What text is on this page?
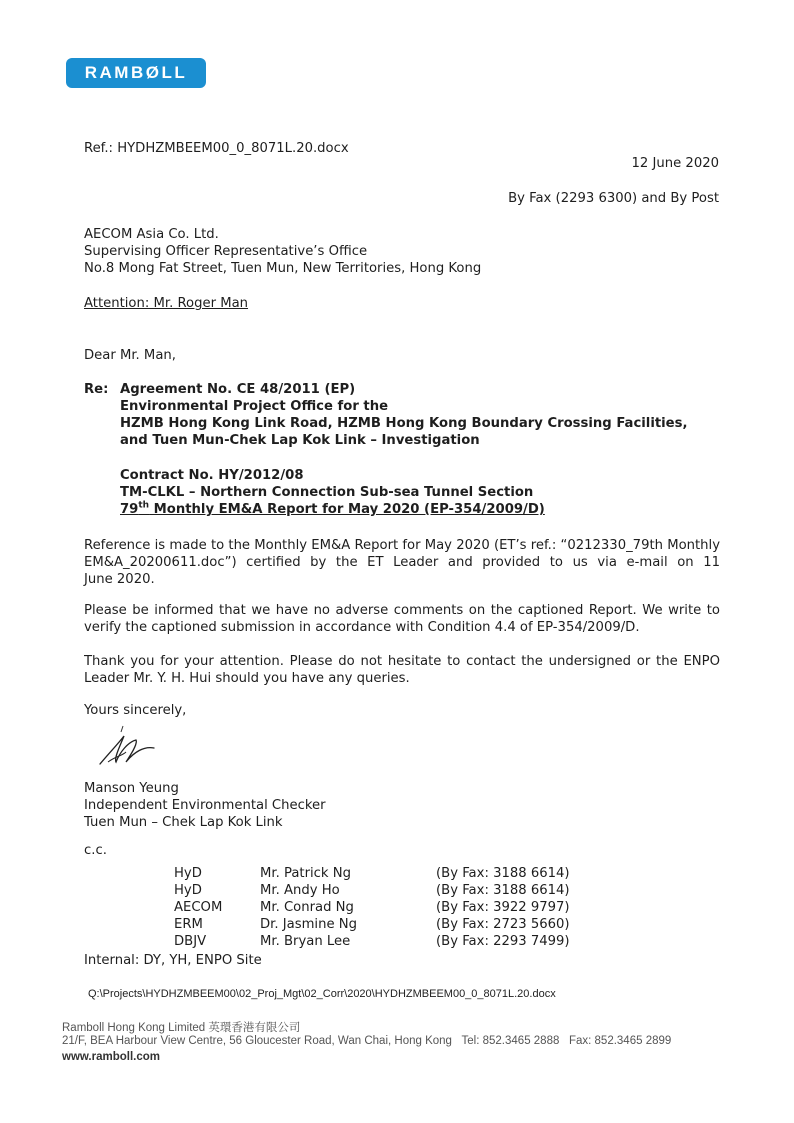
RAMBØLL
Ref.: HYDHZMBEEM00_0_8071L.20.docx
12 June 2020
By Fax (2293 6300) and By Post
AECOM Asia Co. Ltd.
Supervising Officer Representative’s Office
No.8 Mong Fat Street, Tuen Mun, New Territories, Hong Kong
Attention: Mr. Roger Man
Dear Mr. Man,
Re: Agreement No. CE 48/2011 (EP)
Environmental Project Office for the
HZMB Hong Kong Link Road, HZMB Hong Kong Boundary Crossing Facilities,
and Tuen Mun-Chek Lap Kok Link – Investigation
Contract No. HY/2012/08
TM-CLKL – Northern Connection Sub-sea Tunnel Section
79th Monthly EM&A Report for May 2020 (EP-354/2009/D)
Reference is made to the Monthly EM&A Report for May 2020 (ET’s ref.: “0212330_79th Monthly EM&A_20200611.doc”) certified by the ET Leader and provided to us via e-mail on 11
June 2020.
Please be informed that we have no adverse comments on the captioned Report. We write to
verify the captioned submission in accordance with Condition 4.4 of EP-354/2009/D.
Thank you for your attention. Please do not hesitate to contact the undersigned or the ENPO
Leader Mr. Y. H. Hui should you have any queries.
Yours sincerely,
Manson Yeung
Independent Environmental Checker
Tuen Mun – Chek Lap Kok Link
c.c.
HyD	Mr. Patrick Ng	(By Fax: 3188 6614)
HyD	Mr. Andy Ho	(By Fax: 3188 6614)
AECOM	Mr. Conrad Ng	(By Fax: 3922 9797)
ERM	Dr. Jasmine Ng	(By Fax: 2723 5660)
DBJV	Mr. Bryan Lee	(By Fax: 2293 7499)
Internal: DY, YH, ENPO Site
Q:\Projects\HYDHZMBEEM00\02_Proj_Mgt\02_Corr\2020\HYDHZMBEEM00_0_8071L.20.docx
Ramboll Hong Kong Limited 英環香港有限公司
21/F, BEA Harbour View Centre, 56 Gloucester Road, Wan Chai, Hong Kong Tel: 852.3465 2888 Fax: 852.3465 2899
www.ramboll.com
